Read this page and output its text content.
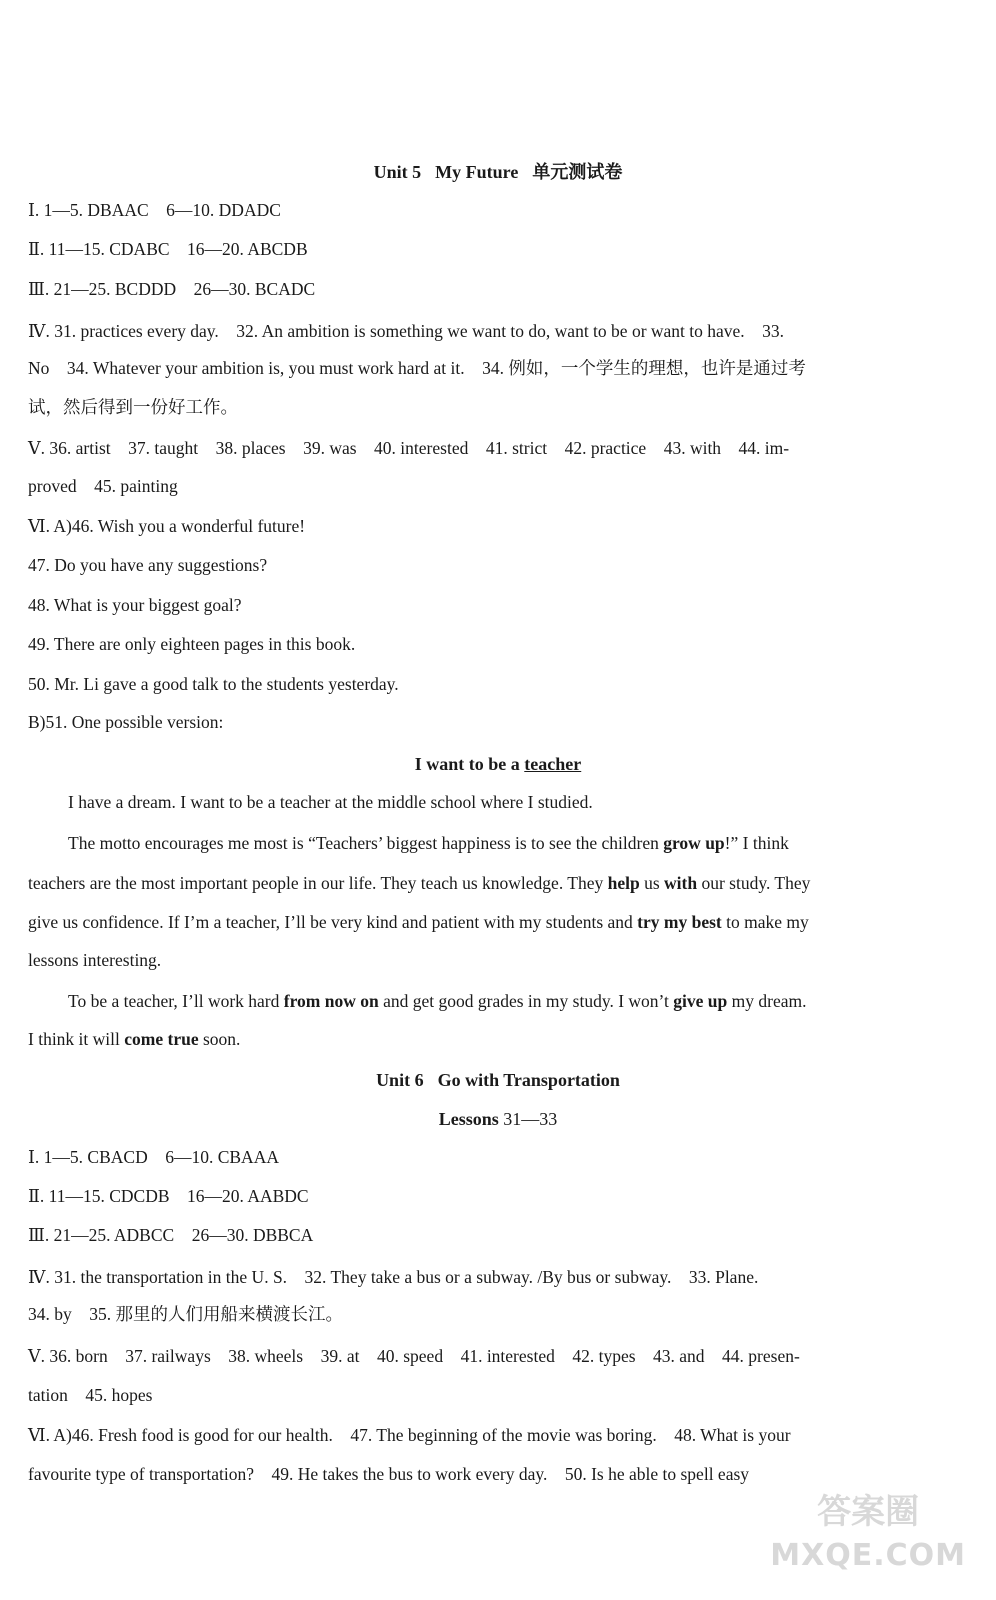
Unit 5 My Future 单元测试卷
Ⅰ. 1—5. DBAAC　6—10. DDADC
Ⅱ. 11—15. CDABC　16—20. ABCDB
Ⅲ. 21—25. BCDDD　26—30. BCADC
Ⅳ. 31. practices every day.　32. An ambition is something we want to do, want to be or want to have.　33.
No　34. Whatever your ambition is, you must work hard at it.　34. 例如，一个学生的理想，也许是通过考
试，然后得到一份好工作。
Ⅴ. 36. artist　37. taught　38. places　39. was　40. interested　41. strict　42. practice　43. with　44. im-
proved　45. painting
Ⅵ. A)46. Wish you a wonderful future!
47. Do you have any suggestions?
48. What is your biggest goal?
49. There are only eighteen pages in this book.
50. Mr. Li gave a good talk to the students yesterday.
B)51. One possible version:
I want to be a teacher
I have a dream. I want to be a teacher at the middle school where I studied.
The motto encourages me most is “Teachers’ biggest happiness is to see the children grow up!” I think
teachers are the most important people in our life. They teach us knowledge. They help us with our study. They
give us confidence. If I’m a teacher, I’ll be very kind and patient with my students and try my best to make my
lessons interesting.
To be a teacher, I’ll work hard from now on and get good grades in my study. I won’t give up my dream.
I think it will come true soon.
Unit 6 Go with Transportation
Lessons 31—33
Ⅰ. 1—5. CBACD　6—10. CBAAA
Ⅱ. 11—15. CDCDB　16—20. AABDC
Ⅲ. 21—25. ADBCC　26—30. DBBCA
Ⅳ. 31. the transportation in the U. S.　32. They take a bus or a subway. /By bus or subway.　33. Plane.
34. by　35. 那里的人们用船来横渡长江。
Ⅴ. 36. born　37. railways　38. wheels　39. at　40. speed　41. interested　42. types　43. and　44. presen-
tation　45. hopes
Ⅵ. A)46. Fresh food is good for our health.　47. The beginning of the movie was boring.　48. What is your
favourite type of transportation?　49. He takes the bus to work every day.　50. Is he able to spell easy
答案圈
MXQE.COM
